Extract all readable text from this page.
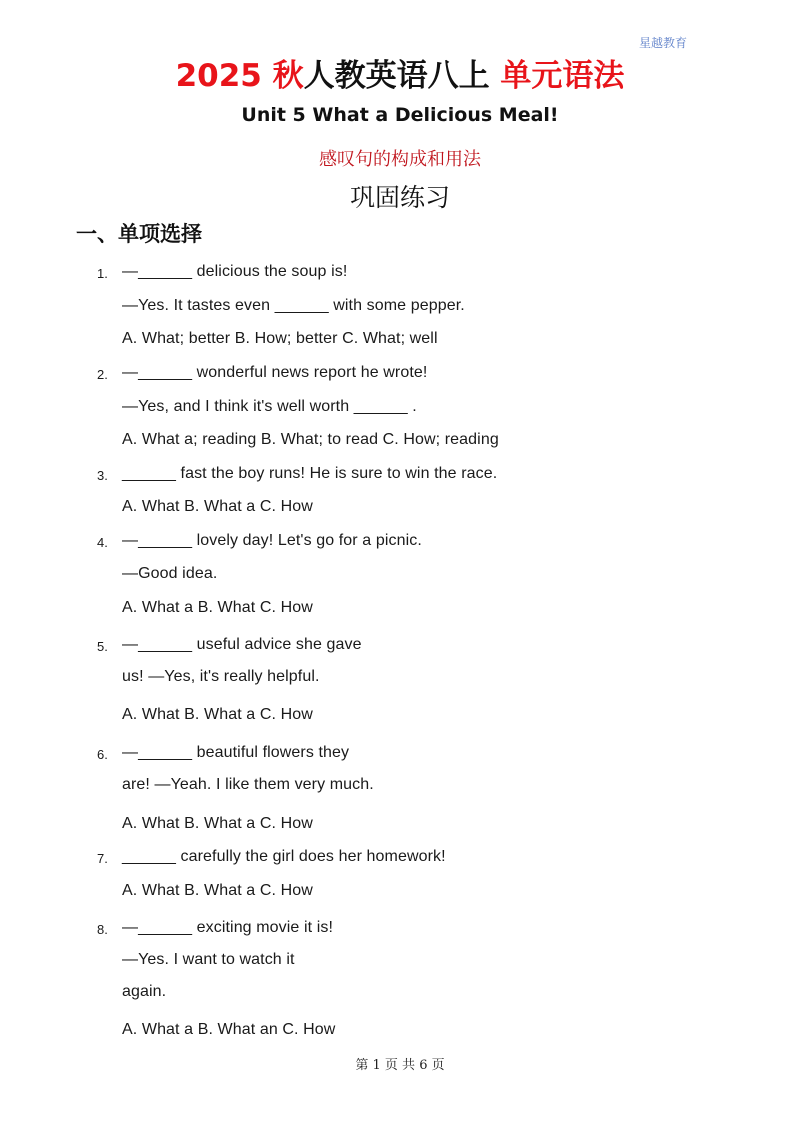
星越教育
2025 秋人教英语八上 单元语法
Unit 5 What a Delicious Meal!
感叹句的构成和用法
巩固练习
一、单项选择
1. —______ delicious the soup is!
—Yes. It tastes even ______ with some pepper.
A. What; better B. How; better C. What; well
2. —______ wonderful news report he wrote!
—Yes, and I think it's well worth ______ .
A. What a; reading B. What; to read C. How; reading
3. ______ fast the boy runs! He is sure to win the race.
A. What B. What a C. How
4. —______ lovely day! Let's go for a picnic.
—Good idea.
A. What a B. What C. How
5. —______ useful advice she gave
us! —Yes, it's really helpful.
A. What B. What a C. How
6. —______ beautiful flowers they
are! —Yeah. I like them very much.
A. What B. What a C. How
7. ______ carefully the girl does her homework!
A. What B. What a C. How
8. —______ exciting movie it is!
—Yes. I want to watch it
again.
A. What a B. What an C. How
第 1 页 共 6 页
